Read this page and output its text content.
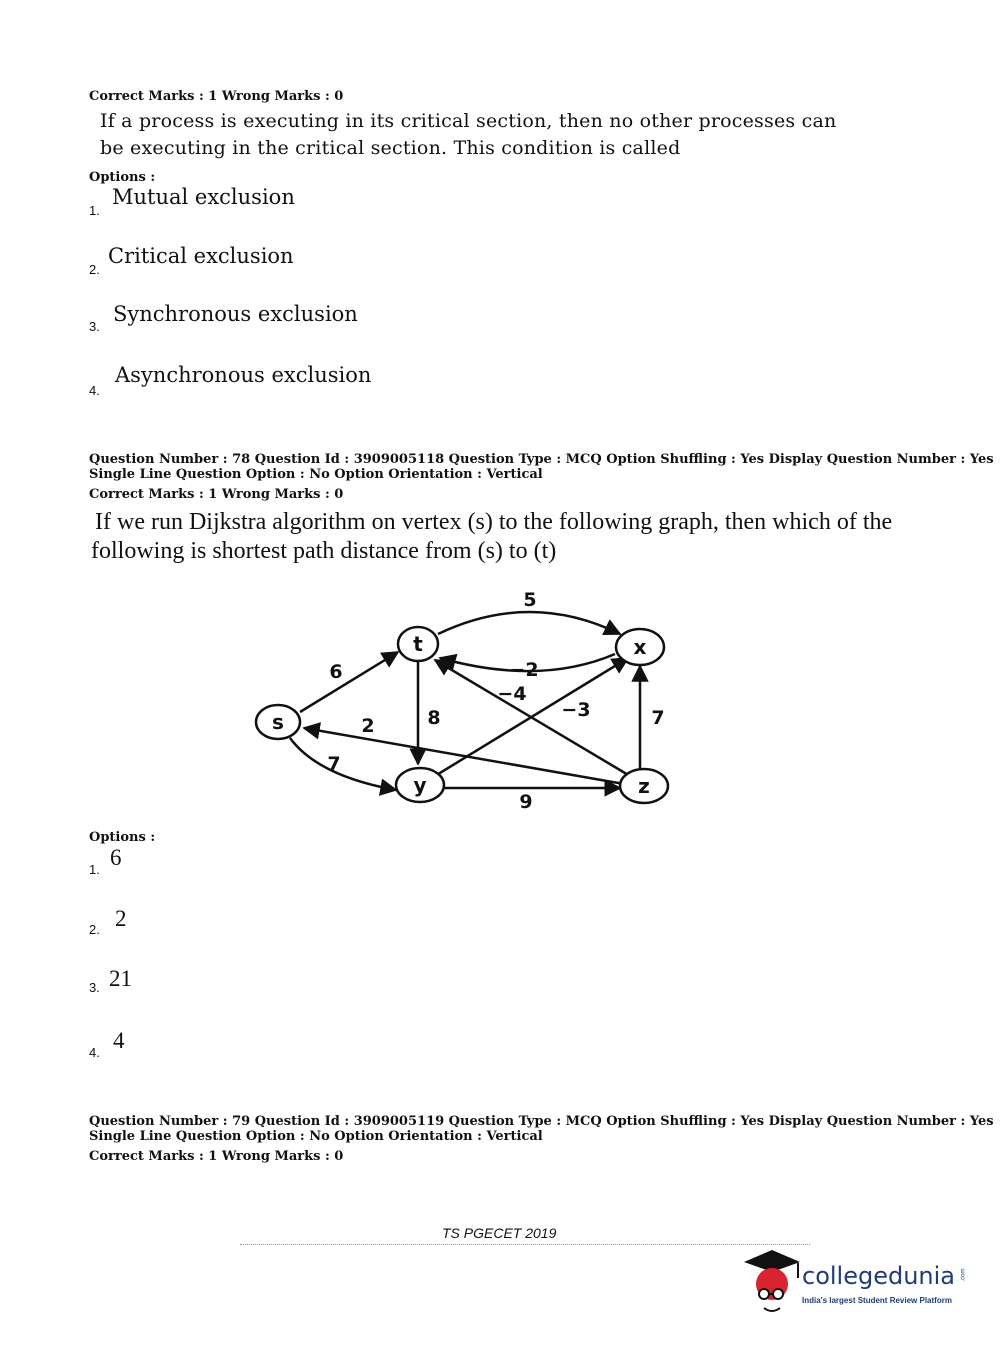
Correct Marks : 1 Wrong Marks : 0
If a process is executing in its critical section, then no other processes can
be executing in the critical section. This condition is called
Options :
1.
Mutual exclusion
2.
Critical exclusion
3.
Synchronous exclusion
4.
Asynchronous exclusion
Question Number : 78 Question Id : 3909005118 Question Type : MCQ Option Shuffling : Yes Display Question Number : Yes
Single Line Question Option : No Option Orientation : Vertical
Correct Marks : 1 Wrong Marks : 0
If we run Dijkstra algorithm on vertex (s) to the following graph, then which of the
following is shortest path distance from (s) to (t)
s
t	x
y	z
6
5
−2
−4
−3
8	7
7
2
9
Options :
1. 6
2. 2
3. 21
4. 4
Question Number : 79 Question Id : 3909005119 Question Type : MCQ Option Shuffling : Yes Display Question Number : Yes
Single Line Question Option : No Option Orientation : Vertical
Correct Marks : 1 Wrong Marks : 0
TS PGECET 2019
collegedunia .com
India's largest Student Review Platform
